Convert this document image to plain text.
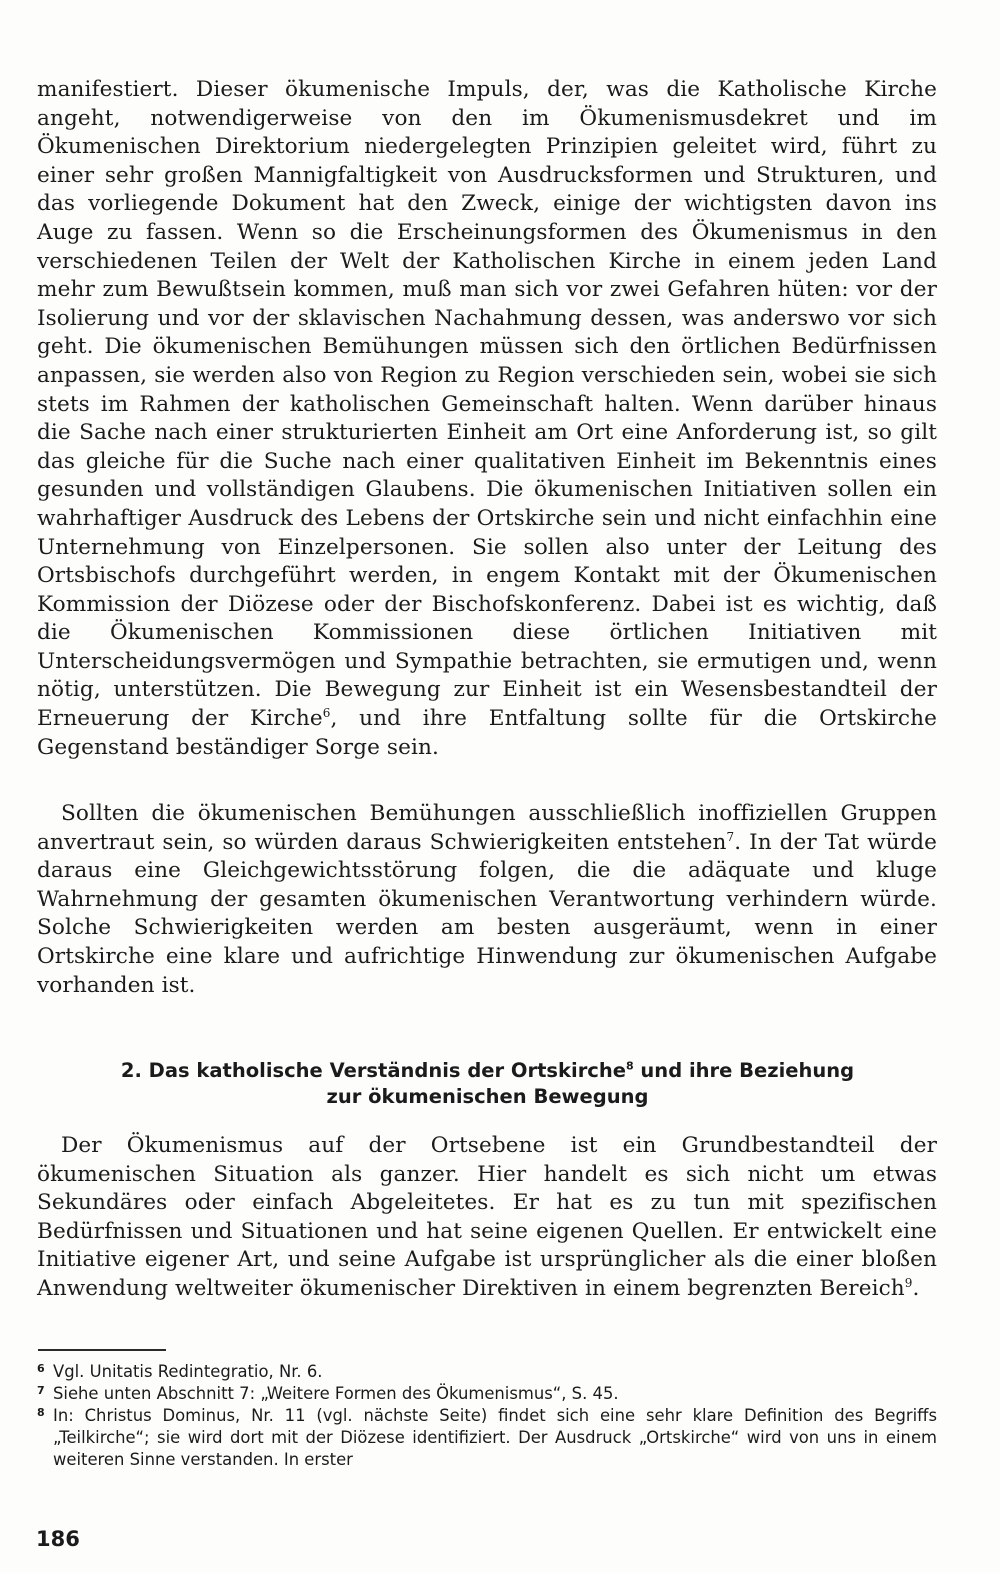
manifestiert. Dieser ökumenische Impuls, der, was die Katholische Kirche angeht, notwendigerweise von den im Ökumenismusdekret und im Ökumenischen Direktorium niedergelegten Prinzipien geleitet wird, führt zu einer sehr großen Mannigfaltigkeit von Ausdrucksformen und Strukturen, und das vorliegende Dokument hat den Zweck, einige der wichtigsten davon ins Auge zu fassen. Wenn so die Erscheinungsformen des Ökumenismus in den verschiedenen Teilen der Welt der Katholischen Kirche in einem jeden Land mehr zum Bewußtsein kommen, muß man sich vor zwei Gefahren hüten: vor der Isolierung und vor der sklavischen Nachahmung dessen, was anderswo vor sich geht. Die ökumenischen Bemühungen müssen sich den örtlichen Bedürfnissen anpassen, sie werden also von Region zu Region verschieden sein, wobei sie sich stets im Rahmen der katholischen Gemeinschaft halten. Wenn darüber hinaus die Sache nach einer strukturierten Einheit am Ort eine Anforderung ist, so gilt das gleiche für die Suche nach einer qualitativen Einheit im Bekenntnis eines gesunden und vollständigen Glaubens. Die ökumenischen Initiativen sollen ein wahrhaftiger Ausdruck des Lebens der Ortskirche sein und nicht einfachhin eine Unternehmung von Einzelpersonen. Sie sollen also unter der Leitung des Ortsbischofs durchgeführt werden, in engem Kontakt mit der Ökumenischen Kommission der Diözese oder der Bischofskonferenz. Dabei ist es wichtig, daß die Ökumenischen Kommissionen diese örtlichen Initiativen mit Unterscheidungsvermögen und Sympathie betrachten, sie ermutigen und, wenn nötig, unterstützen. Die Bewegung zur Einheit ist ein Wesensbestandteil der Erneuerung der Kirche$^6$, und ihre Entfaltung sollte für die Ortskirche Gegenstand beständiger Sorge sein.

Sollten die ökumenischen Bemühungen ausschließlich inoffiziellen Gruppen anvertraut sein, so würden daraus Schwierigkeiten entstehen$^7$. In der Tat würde daraus eine Gleichgewichtsstörung folgen, die die adäquate und kluge Wahrnehmung der gesamten ökumenischen Verantwortung verhindern würde. Solche Schwierigkeiten werden am besten ausgeräumt, wenn in einer Ortskirche eine klare und aufrichtige Hinwendung zur ökumenischen Aufgabe vorhanden ist.

2. Das katholische Verständnis der Ortskirche$^8$ und ihre Beziehung
zur ökumenischen Bewegung

Der Ökumenismus auf der Ortsebene ist ein Grundbestandteil der ökumenischen Situation als ganzer. Hier handelt es sich nicht um etwas Sekundäres oder einfach Abgeleitetes. Er hat es zu tun mit spezifischen Bedürfnissen und Situationen und hat seine eigenen Quellen. Er entwickelt eine Initiative eigener Art, und seine Aufgabe ist ursprünglicher als die einer bloßen Anwendung weltweiter ökumenischer Direktiven in einem begrenzten Bereich$^9$.

6 Vgl. Unitatis Redintegratio, Nr. 6.
7 Siehe unten Abschnitt 7: „Weitere Formen des Ökumenismus“, S. 45.
8 In: Christus Dominus, Nr. 11 (vgl. nächste Seite) findet sich eine sehr klare Definition des Begriffs „Teilkirche“; sie wird dort mit der Diözese identifiziert. Der Ausdruck „Ortskirche“ wird von uns in einem weiteren Sinne verstanden. In erster
186
